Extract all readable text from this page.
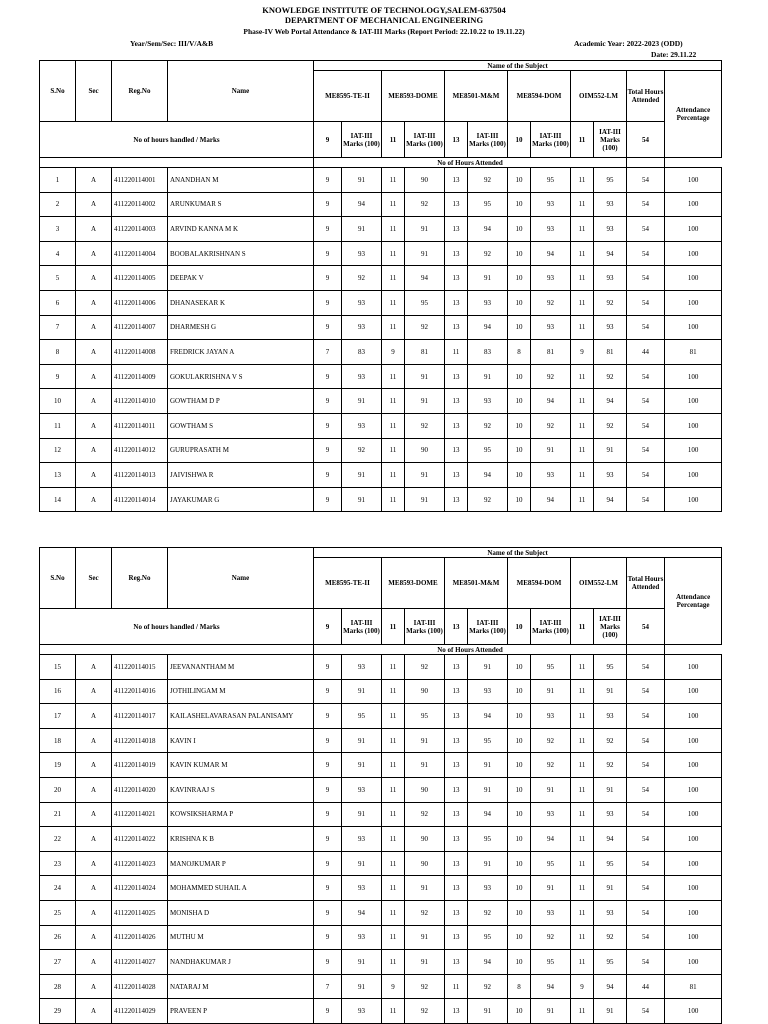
KNOWLEDGE INSTITUTE OF TECHNOLOGY,SALEM-637504
DEPARTMENT OF MECHANICAL ENGINEERING
Phase-IV Web Portal Attendance & IAT-III Marks (Report Period: 22.10.22 to 19.11.22)
Year/Sem/Sec: III/V/A&B	Academic Year: 2022-2023 (ODD)
Date: 29.11.22
S.No	Sec	Reg.No	Name	Name of the Subject											
				ME8595-TE-II		ME8593-DOME		ME8501-M&M		ME8594-DOM		OIM552-LM		Total Hours Attended	Attendance Percentage
No of hours handled / Marks				9	IAT-III Marks (100)	11	IAT-III Marks (100)	13	IAT-III Marks (100)	10	IAT-III Marks (100)	11	IAT-III Marks (100)	54	
				No of Hours Attended											
1	A	411220114001	ANANDHAN M	9	91	11	90	13	92	10	95	11	95	54	100
2	A	411220114002	ARUNKUMAR S	9	94	11	92	13	95	10	93	11	93	54	100
3	A	411220114003	ARVIND KANNA M K	9	91	11	91	13	94	10	93	11	93	54	100
4	A	411220114004	BOOBALAKRISHNAN S	9	93	11	91	13	92	10	94	11	94	54	100
5	A	411220114005	DEEPAK V	9	92	11	94	13	91	10	93	11	93	54	100
6	A	411220114006	DHANASEKAR K	9	93	11	95	13	93	10	92	11	92	54	100
7	A	411220114007	DHARMESH G	9	93	11	92	13	94	10	93	11	93	54	100
8	A	411220114008	FREDRICK JAYAN A	7	83	9	81	11	83	8	81	9	81	44	81
9	A	411220114009	GOKULAKRISHNA V S	9	93	11	91	13	91	10	92	11	92	54	100
10	A	411220114010	GOWTHAM D P	9	91	11	91	13	93	10	94	11	94	54	100
11	A	411220114011	GOWTHAM S	9	93	11	92	13	92	10	92	11	92	54	100
12	A	411220114012	GURUPRASATH M	9	92	11	90	13	95	10	91	11	91	54	100
13	A	411220114013	JAIVISHWA R	9	91	11	91	13	94	10	93	11	93	54	100
14	A	411220114014	JAYAKUMAR G	9	91	11	91	13	92	10	94	11	94	54	100
S.No	Sec	Reg.No	Name	Name of the Subject											
				ME8595-TE-II		ME8593-DOME		ME8501-M&M		ME8594-DOM		OIM552-LM		Total Hours Attended	Attendance Percentage
No of hours handled / Marks				9	IAT-III Marks (100)	11	IAT-III Marks (100)	13	IAT-III Marks (100)	10	IAT-III Marks (100)	11	IAT-III Marks (100)	54	
				No of Hours Attended											
15	A	411220114015	JEEVANANTHAM M	9	93	11	92	13	91	10	95	11	95	54	100
16	A	411220114016	JOTHILINGAM M	9	91	11	90	13	93	10	91	11	91	54	100
17	A	411220114017	KAILASHELAVARASAN PALANISAMY	9	95	11	95	13	94	10	93	11	93	54	100
18	A	411220114018	KAVIN I	9	91	11	91	13	95	10	92	11	92	54	100
19	A	411220114019	KAVIN KUMAR M	9	91	11	91	13	91	10	92	11	92	54	100
20	A	411220114020	KAVINRAAJ S	9	93	11	90	13	91	10	91	11	91	54	100
21	A	411220114021	KOWSIKSHARMA P	9	91	11	92	13	94	10	93	11	93	54	100
22	A	411220114022	KRISHNA K B	9	93	11	90	13	95	10	94	11	94	54	100
23	A	411220114023	MANOJKUMAR P	9	91	11	90	13	91	10	95	11	95	54	100
24	A	411220114024	MOHAMMED SUHAIL A	9	93	11	91	13	93	10	91	11	91	54	100
25	A	411220114025	MONISHA D	9	94	11	92	13	92	10	93	11	93	54	100
26	A	411220114026	MUTHU M	9	93	11	91	13	95	10	92	11	92	54	100
27	A	411220114027	NANDHAKUMAR J	9	91	11	91	13	94	10	95	11	95	54	100
28	A	411220114028	NATARAJ M	7	91	9	92	11	92	8	94	9	94	44	81
29	A	411220114029	PRAVEEN P	9	93	11	92	13	91	10	91	11	91	54	100
